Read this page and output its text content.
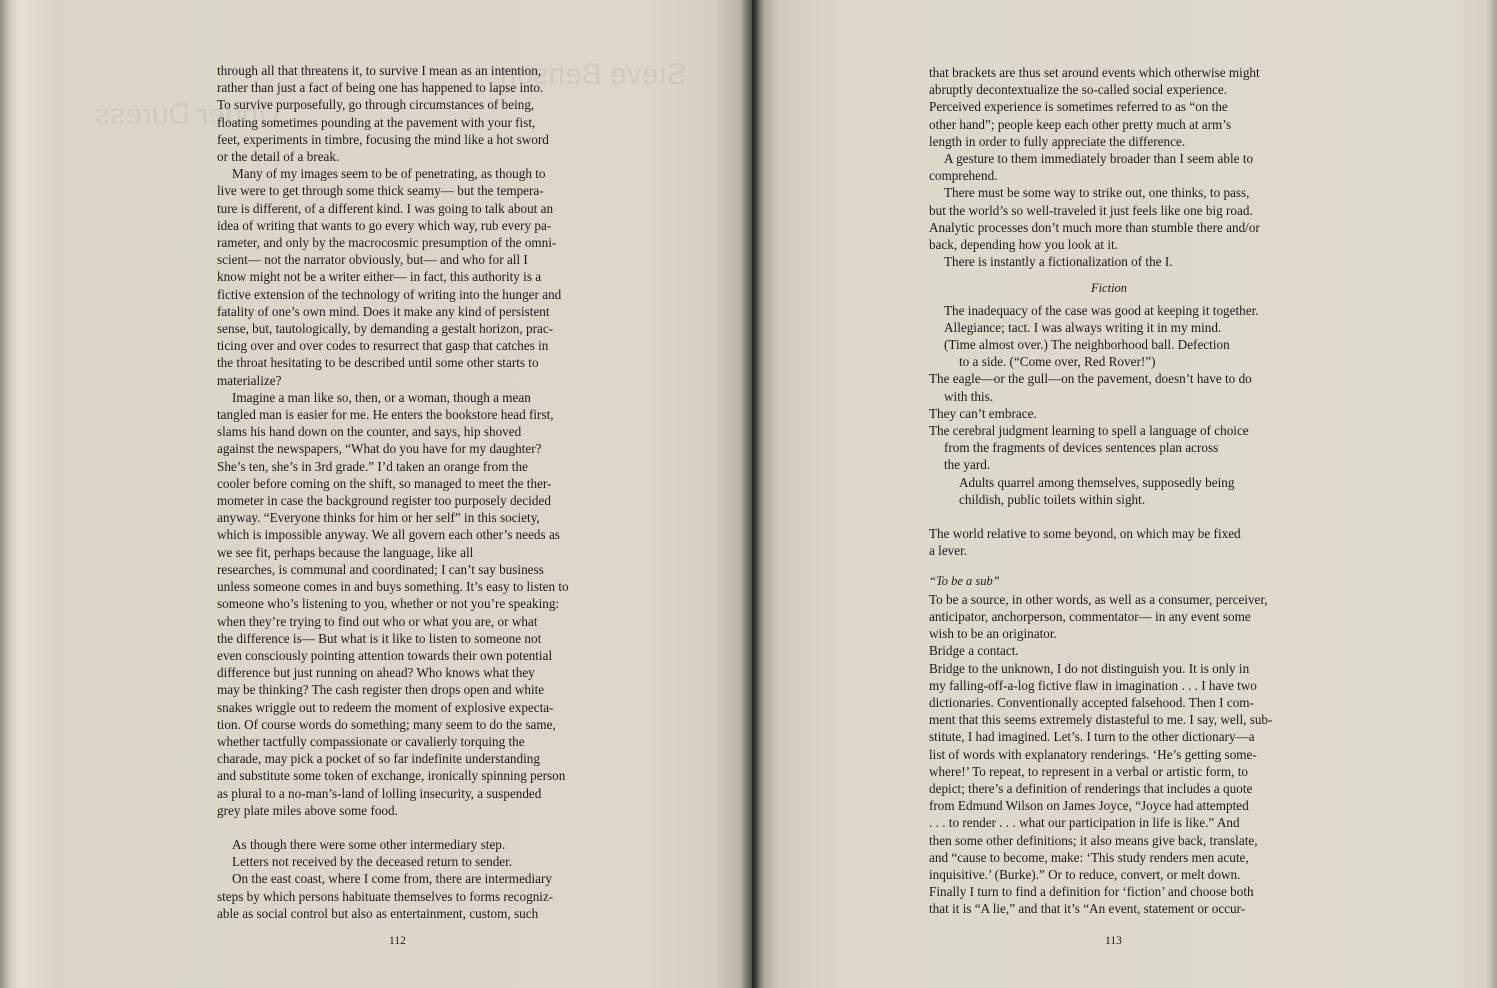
Steve Benson
Under Duress

through all that threatens it, to survive I mean as an intention,
rather than just a fact of being one has happened to lapse into.
To survive purposefully, go through circumstances of being,
floating sometimes pounding at the pavement with your fist,
feet, experiments in timbre, focusing the mind like a hot sword
or the detail of a break.
Many of my images seem to be of penetrating, as though to
live were to get through some thick seamy— but the tempera-
ture is different, of a different kind. I was going to talk about an
idea of writing that wants to go every which way, rub every pa-
rameter, and only by the macrocosmic presumption of the omni-
scient— not the narrator obviously, but— and who for all I
know might not be a writer either— in fact, this authority is a
fictive extension of the technology of writing into the hunger and
fatality of one’s own mind. Does it make any kind of persistent
sense, but, tautologically, by demanding a gestalt horizon, prac-
ticing over and over codes to resurrect that gasp that catches in
the throat hesitating to be described until some other starts to
materialize?
Imagine a man like so, then, or a woman, though a mean
tangled man is easier for me. He enters the bookstore head first,
slams his hand down on the counter, and says, hip shoved
against the newspapers, “What do you have for my daughter?
She’s ten, she’s in 3rd grade.” I’d taken an orange from the
cooler before coming on the shift, so managed to meet the ther-
mometer in case the background register too purposely decided
anyway. “Everyone thinks for him or her self” in this society,
which is impossible anyway. We all govern each other’s needs as
we see fit, perhaps because the language, like all
researches, is communal and coordinated; I can’t say business
unless someone comes in and buys something. It’s easy to listen to
someone who’s listening to you, whether or not you’re speaking:
when they’re trying to find out who or what you are, or what
the difference is— But what is it like to listen to someone not
even consciously pointing attention towards their own potential
difference but just running on ahead? Who knows what they
may be thinking? The cash register then drops open and white
snakes wriggle out to redeem the moment of explosive expecta-
tion. Of course words do something; many seem to do the same,
whether tactfully compassionate or cavalierly torquing the
charade, may pick a pocket of so far indefinite understanding
and substitute some token of exchange, ironically spinning person
as plural to a no-man’s-land of lolling insecurity, a suspended
grey plate miles above some food.
As though there were some other intermediary step.
Letters not received by the deceased return to sender.
On the east coast, where I come from, there are intermediary
steps by which persons habituate themselves to forms recogniz-
able as social control but also as entertainment, custom, such

112

that brackets are thus set around events which otherwise might
abruptly decontextualize the so-called social experience.
Perceived experience is sometimes referred to as “on the
other hand”; people keep each other pretty much at arm’s
length in order to fully appreciate the difference.
A gesture to them immediately broader than I seem able to
comprehend.
There must be some way to strike out, one thinks, to pass,
but the world’s so well-traveled it just feels like one big road.
Analytic processes don’t much more than stumble there and/or
back, depending how you look at it.
There is instantly a fictionalization of the I.

Fiction

The inadequacy of the case was good at keeping it together.
Allegiance; tact. I was always writing it in my mind.
(Time almost over.) The neighborhood ball. Defection
to a side. (“Come over, Red Rover!”)
The eagle—or the gull—on the pavement, doesn’t have to do
with this.
They can’t embrace.
The cerebral judgment learning to spell a language of choice
from the fragments of devices sentences plan across
the yard.
Adults quarrel among themselves, supposedly being
childish, public toilets within sight.

The world relative to some beyond, on which may be fixed
a lever.

“To be a sub”

To be a source, in other words, as well as a consumer, perceiver,
anticipator, anchorperson, commentator— in any event some
wish to be an originator.
Bridge a contact.
Bridge to the unknown, I do not distinguish you. It is only in
my falling-off-a-log fictive flaw in imagination . . . I have two
dictionaries. Conventionally accepted falsehood. Then I com-
ment that this seems extremely distasteful to me. I say, well, sub-
stitute, I had imagined. Let’s. I turn to the other dictionary—a
list of words with explanatory renderings. ‘He’s getting some-
where!’ To repeat, to represent in a verbal or artistic form, to
depict; there’s a definition of renderings that includes a quote
from Edmund Wilson on James Joyce, “Joyce had attempted
. . . to render . . . what our participation in life is like.” And
then some other definitions; it also means give back, translate,
and “cause to become, make: ‘This study renders men acute,
inquisitive.’ (Burke).” Or to reduce, convert, or melt down.
Finally I turn to find a definition for ‘fiction’ and choose both
that it is “A lie,” and that it’s “An event, statement or occur-

113
